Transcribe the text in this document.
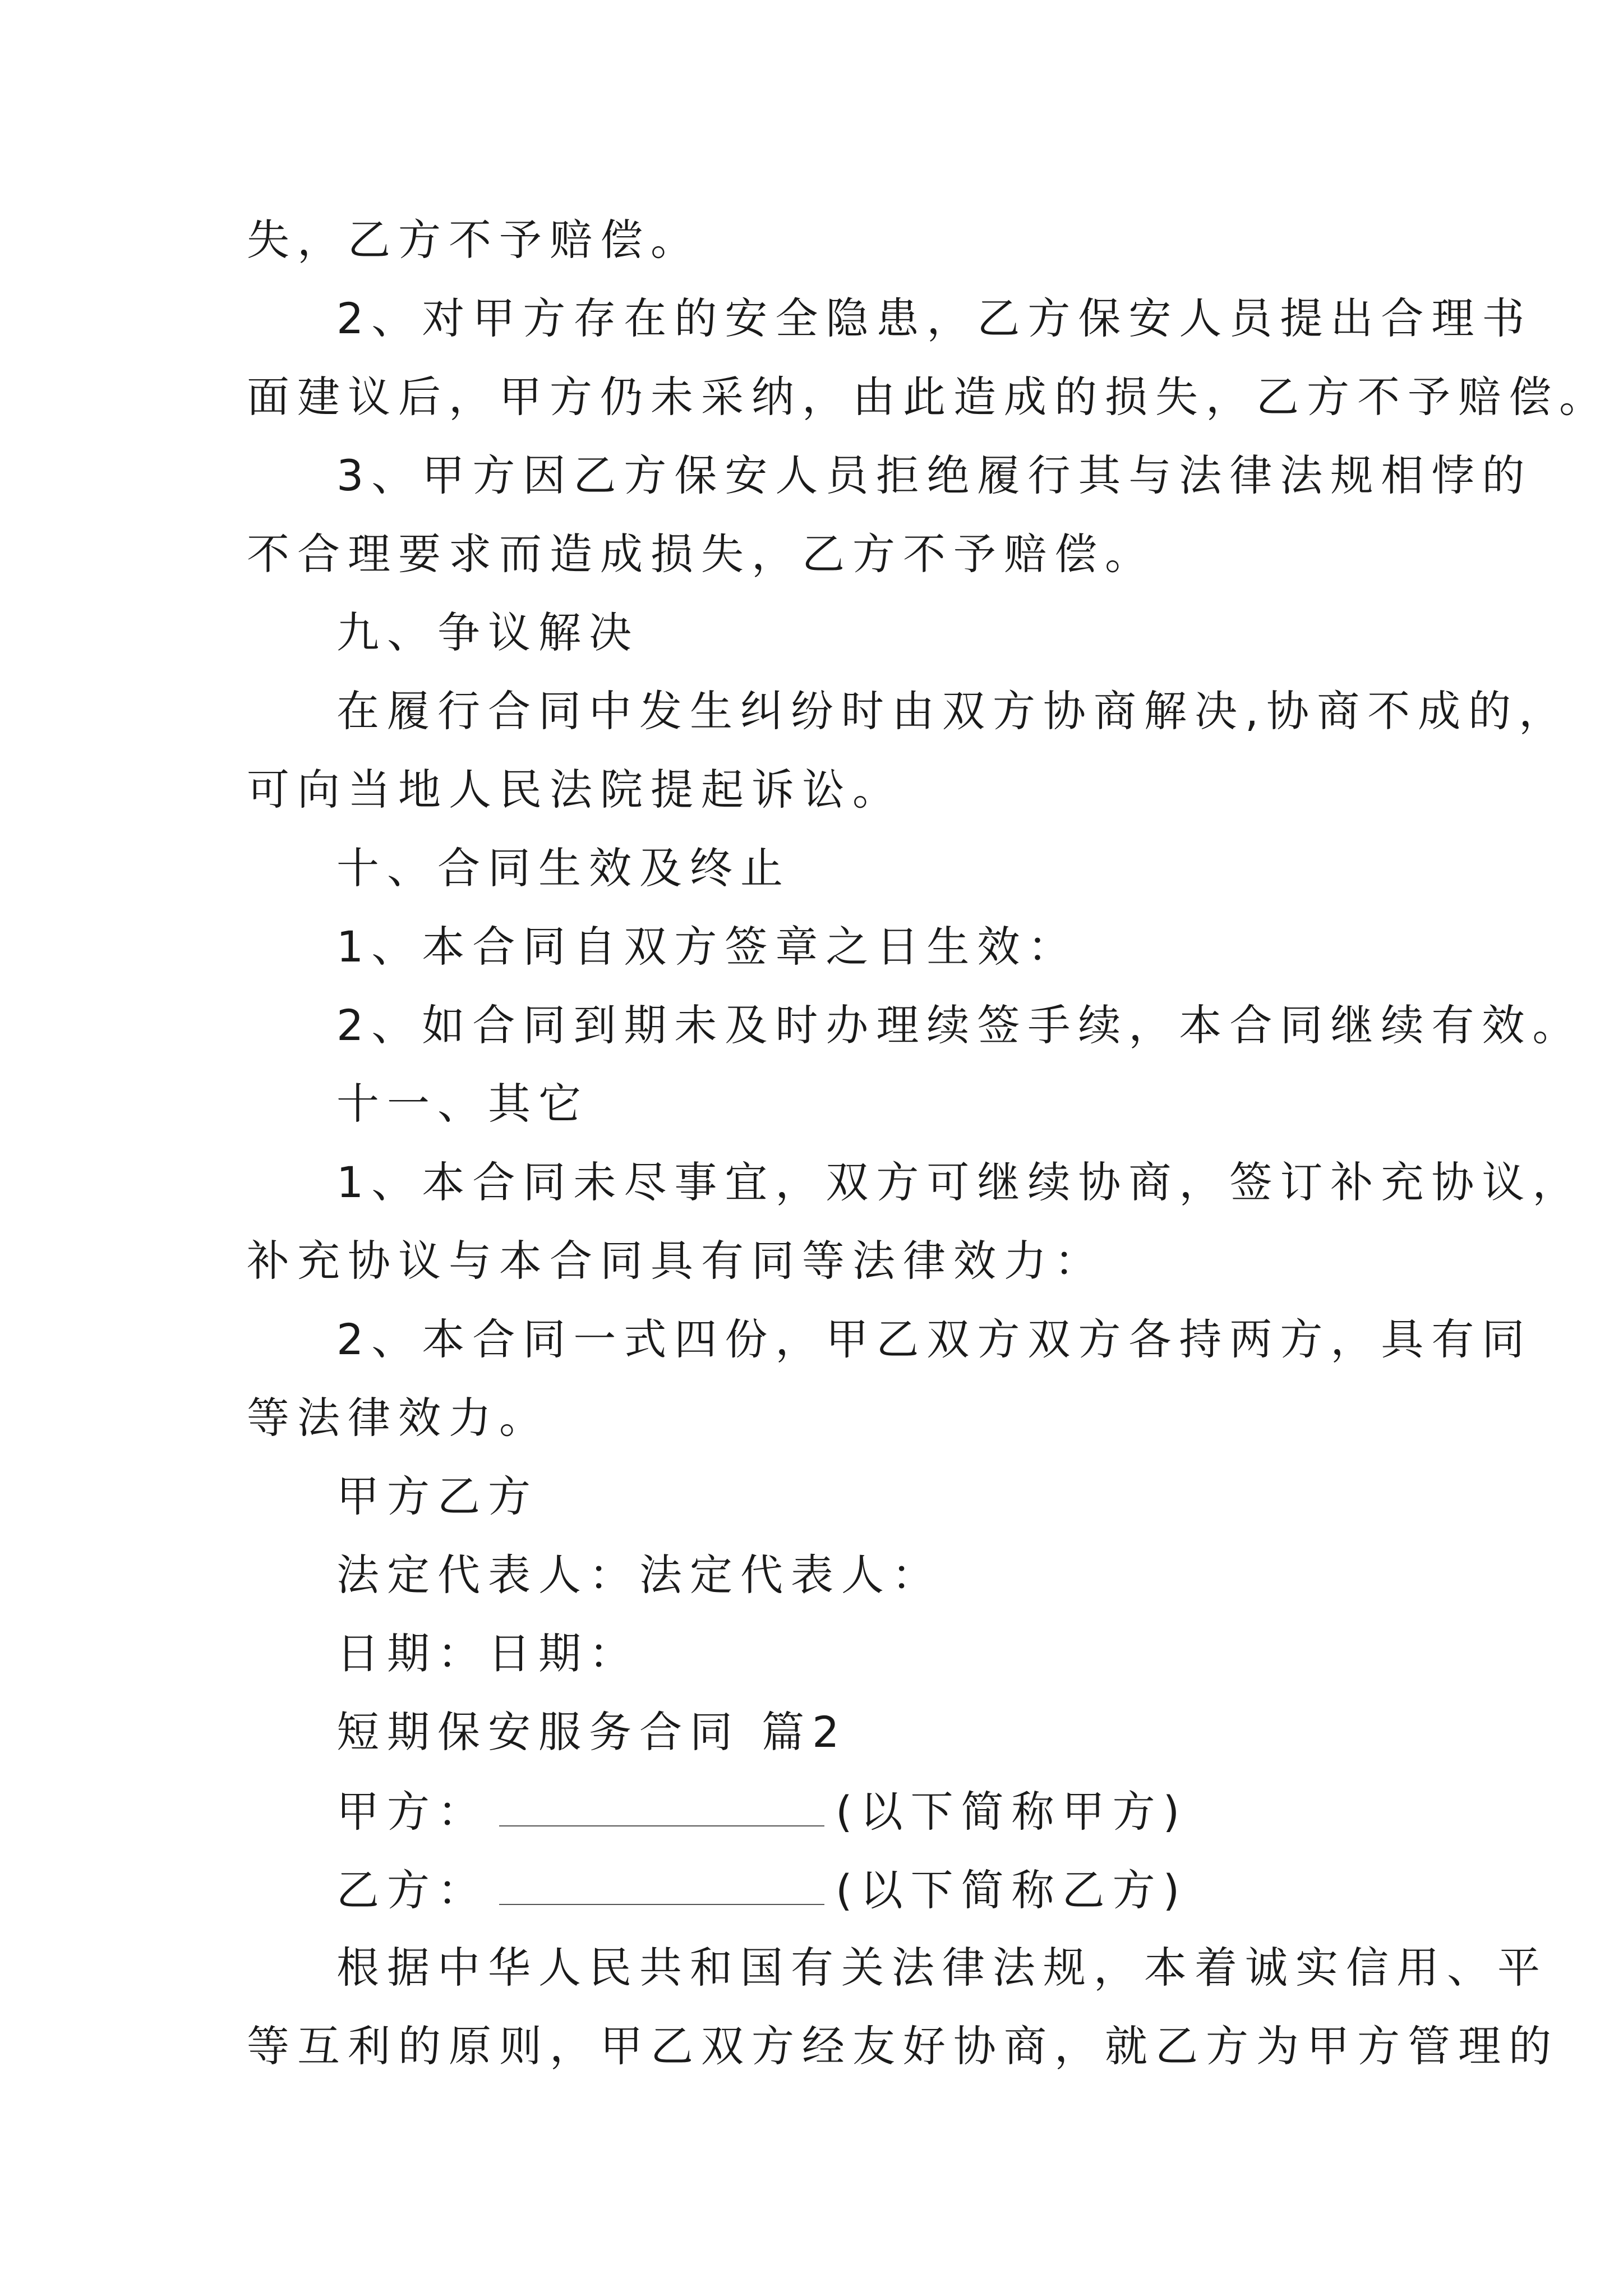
失，乙方不予赔偿。
2、对甲方存在的安全隐患，乙方保安人员提出合理书
面建议后，甲方仍未采纳，由此造成的损失，乙方不予赔偿。
3、甲方因乙方保安人员拒绝履行其与法律法规相悖的
不合理要求而造成损失，乙方不予赔偿。
九、争议解决
在履行合同中发生纠纷时由双方协商解决,协商不成的，
可向当地人民法院提起诉讼。
十、合同生效及终止
1、本合同自双方签章之日生效：
2、如合同到期未及时办理续签手续，本合同继续有效。
十一、其它
1、本合同未尽事宜，双方可继续协商，签订补充协议，
补充协议与本合同具有同等法律效力：
2、本合同一式四份，甲乙双方双方各持两方，具有同
等法律效力。
甲方乙方
法定代表人：法定代表人：
日期：日期：
短期保安服务合同 篇2
甲方：	(以下简称甲方)
乙方：	(以下简称乙方)
根据中华人民共和国有关法律法规，本着诚实信用、平
等互利的原则，甲乙双方经友好协商，就乙方为甲方管理的
